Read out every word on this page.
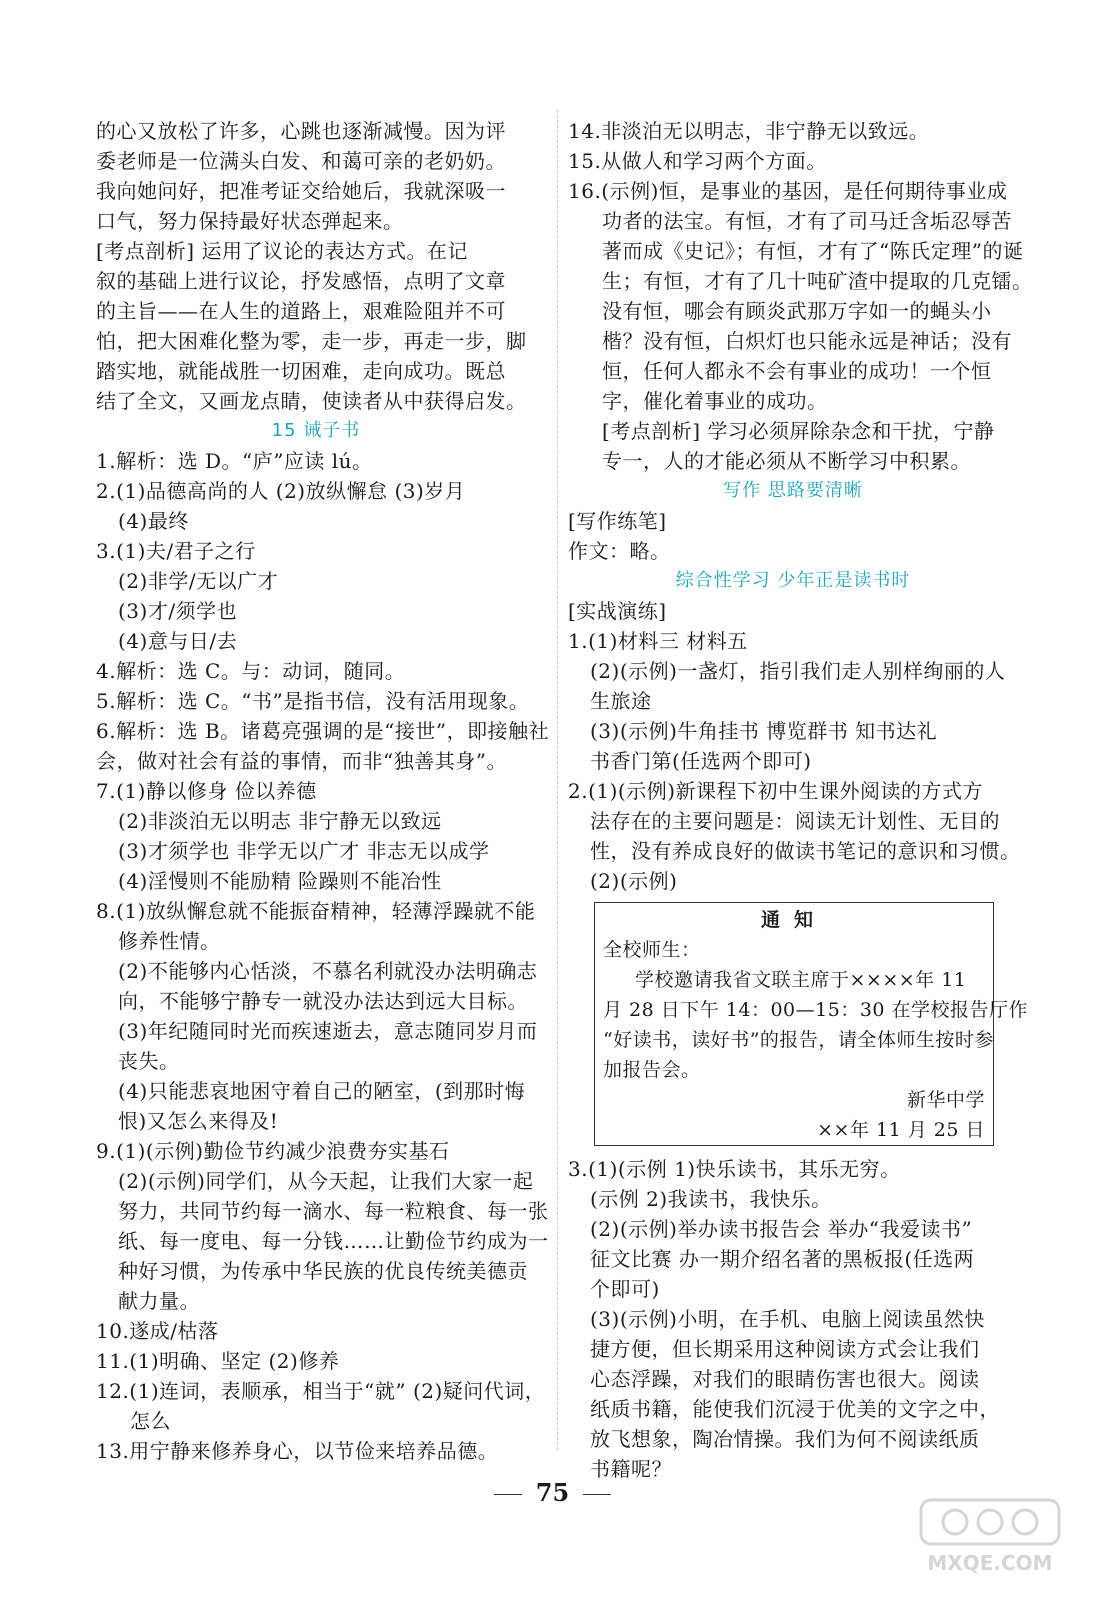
的心又放松了许多，心跳也逐渐减慢。因为评
委老师是一位满头白发、和蔼可亲的老奶奶。
我向她问好，把准考证交给她后，我就深吸一
口气，努力保持最好状态弹起来。
[考点剖析] 运用了议论的表达方式。在记
叙的基础上进行议论，抒发感悟，点明了文章
的主旨——在人生的道路上，艰难险阻并不可
怕，把大困难化整为零，走一步，再走一步，脚
踏实地，就能战胜一切困难，走向成功。既总
结了全文，又画龙点睛，使读者从中获得启发。
15 诫子书
1.解析：选 D。“庐”应读 lú。
2.(1)品德高尚的人 (2)放纵懈怠 (3)岁月
(4)最终
3.(1)夫/君子之行
(2)非学/无以广才
(3)才/须学也
(4)意与日/去
4.解析：选 C。与：动词，随同。
5.解析：选 C。“书”是指书信，没有活用现象。
6.解析：选 B。诸葛亮强调的是“接世”，即接触社
会，做对社会有益的事情，而非“独善其身”。
7.(1)静以修身 俭以养德
(2)非淡泊无以明志 非宁静无以致远
(3)才须学也 非学无以广才 非志无以成学
(4)淫慢则不能励精 险躁则不能冶性
8.(1)放纵懈怠就不能振奋精神，轻薄浮躁就不能
修养性情。
(2)不能够内心恬淡，不慕名利就没办法明确志
向，不能够宁静专一就没办法达到远大目标。
(3)年纪随同时光而疾速逝去，意志随同岁月而
丧失。
(4)只能悲哀地困守着自己的陋室，(到那时悔
恨)又怎么来得及!
9.(1)(示例)勤俭节约减少浪费夯实基石
(2)(示例)同学们，从今天起，让我们大家一起
努力，共同节约每一滴水、每一粒粮食、每一张
纸、每一度电、每一分钱……让勤俭节约成为一
种好习惯，为传承中华民族的优良传统美德贡
献力量。
10.遂成/枯落
11.(1)明确、坚定 (2)修养
12.(1)连词，表顺承，相当于“就” (2)疑问代词，
怎么
13.用宁静来修养身心，以节俭来培养品德。
14.非淡泊无以明志，非宁静无以致远。
15.从做人和学习两个方面。
16.(示例)恒，是事业的基因，是任何期待事业成
功者的法宝。有恒，才有了司马迁含垢忍辱苦
著而成《史记》；有恒，才有了“陈氏定理”的诞
生；有恒，才有了几十吨矿渣中提取的几克镭。
没有恒，哪会有顾炎武那万字如一的蝇头小
楷？没有恒，白炽灯也只能永远是神话；没有
恒，任何人都永不会有事业的成功！一个恒
字，催化着事业的成功。
[考点剖析] 学习必须屏除杂念和干扰，宁静
专一，人的才能必须从不断学习中积累。
写作 思路要清晰
[写作练笔]
作文：略。
综合性学习 少年正是读书时
[实战演练]
1.(1)材料三 材料五
(2)(示例)一盏灯，指引我们走人别样绚丽的人
生旅途
(3)(示例)牛角挂书 博览群书 知书达礼
书香门第(任选两个即可)
2.(1)(示例)新课程下初中生课外阅读的方式方
法存在的主要问题是：阅读无计划性、无目的
性，没有养成良好的做读书笔记的意识和习惯。
(2)(示例)
通知
全校师生：
学校邀请我省文联主席于××××年 11
月 28 日下午 14：00—15：30 在学校报告厅作
“好读书，读好书”的报告，请全体师生按时参
加报告会。
新华中学
××年 11 月 25 日
3.(1)(示例 1)快乐读书，其乐无穷。
(示例 2)我读书，我快乐。
(2)(示例)举办读书报告会 举办“我爱读书”
征文比赛 办一期介绍名著的黑板报(任选两
个即可)
(3)(示例)小明，在手机、电脑上阅读虽然快
捷方便，但长期采用这种阅读方式会让我们
心态浮躁，对我们的眼睛伤害也很大。阅读
纸质书籍，能使我们沉浸于优美的文字之中，
放飞想象，陶冶情操。我们为何不阅读纸质
书籍呢？
75
MXQE.COM
